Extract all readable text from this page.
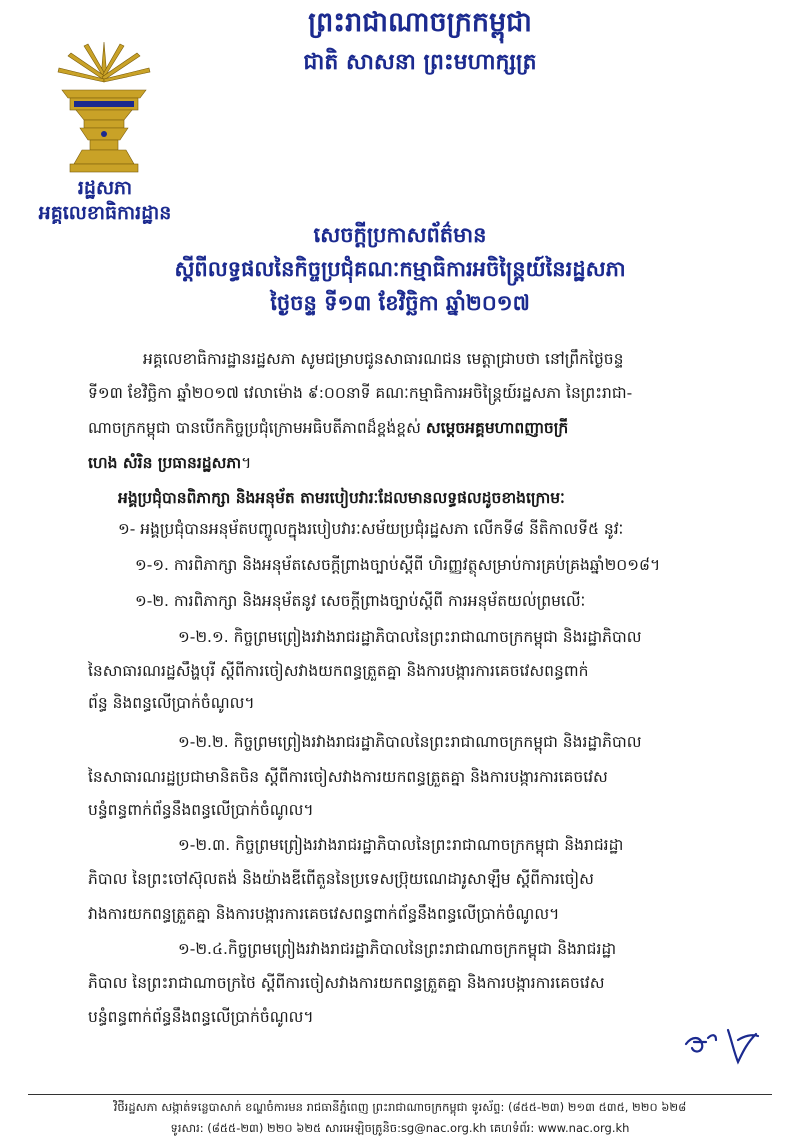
ព្រះរាជាណាចក្រកម្ពុជា
ជាតិ សាសនា ព្រះមហាក្សត្រ
រដ្ឋសភា
អគ្គលេខាធិការដ្ឋាន
សេចក្តីប្រកាសព័ត៌មាន
ស្តីពីលទ្ធផលនៃកិច្ចប្រជុំគណៈកម្មាធិការអចិន្ត្រៃយ៍នៃរដ្ឋសភា
ថ្ងៃចន្ទ ទី១៣ ខែវិច្ឆិកា ឆ្នាំ២០១៧
អគ្គលេខាធិការដ្ឋានរដ្ឋសភា សូមជម្រាបជូនសាធារណជន មេត្តាជ្រាបថា នៅព្រឹកថ្ងៃចន្ទ
ទី១៣ ខែវិច្ឆិកា ឆ្នាំ២០១៧ វេលាម៉ោង ៩:០០នាទី គណៈកម្មាធិការអចិន្ត្រៃយ៍រដ្ឋសភា នៃព្រះរាជា-
ណាចក្រកម្ពុជា បានបើកកិច្ចប្រជុំក្រោមអធិបតីភាពដ៏ខ្ពង់ខ្ពស់ សម្តេចអគ្គមហាពញាចក្រី
ហេង សំរិន ប្រធានរដ្ឋសភា។
អង្គប្រជុំបានពិភាក្សា និងអនុម័ត តាមរបៀបវារៈដែលមានលទ្ធផលដូចខាងក្រោមៈ
១- អង្គប្រជុំបានអនុម័តបញ្ចូលក្នុងរបៀបវារៈសម័យប្រជុំរដ្ឋសភា លើកទី៨ នីតិកាលទី៥ នូវៈ
១-១. ការពិភាក្សា និងអនុម័តសេចក្តីព្រាងច្បាប់ស្តីពី ហិរញ្ញវត្ថុសម្រាប់ការគ្រប់គ្រងឆ្នាំ២០១៨។
១-២. ការពិភាក្សា និងអនុម័តនូវ សេចក្តីព្រាងច្បាប់ស្តីពី ការអនុម័តយល់ព្រមលើៈ
១-២.១. កិច្ចព្រមព្រៀងរវាងរាជរដ្ឋាភិបាលនៃព្រះរាជាណាចក្រកម្ពុជា និងរដ្ឋាភិបាល
នៃសាធារណរដ្ឋសឹង្ហបុរី ស្តីពីការចៀសវាងយកពន្ធត្រួតគ្នា និងការបង្ការការគេចវេសពន្ធពាក់
ព័ន្ធ និងពន្ធលើប្រាក់ចំណូល។
១-២.២. កិច្ចព្រមព្រៀងរវាងរាជរដ្ឋាភិបាលនៃព្រះរាជាណាចក្រកម្ពុជា និងរដ្ឋាភិបាល
នៃសាធារណរដ្ឋប្រជាមានិតចិន ស្តីពីការចៀសវាងការយកពន្ធត្រួតគ្នា និងការបង្ការការគេចវេស
បន្ធំពន្ធពាក់ព័ន្ធនឹងពន្ធលើប្រាក់ចំណូល។
១-២.៣. កិច្ចព្រមព្រៀងរវាងរាជរដ្ឋាភិបាលនៃព្រះរាជាណាចក្រកម្ពុជា និងរាជរដ្ឋា
ភិបាល នៃព្រះចៅស៊ុលតង់ និងយ៉ាងឌីពើតួននៃប្រទេសប្រ៊ុយណេដារូសាឡឹម ស្តីពីការចៀស
វាងការយកពន្ធត្រួតគ្នា និងការបង្ការការគេចវេសពន្ធពាក់ព័ន្ធនឹងពន្ធលើប្រាក់ចំណូល។
១-២.៤.កិច្ចព្រមព្រៀងរវាងរាជរដ្ឋាភិបាលនៃព្រះរាជាណាចក្រកម្ពុជា និងរាជរដ្ឋា
ភិបាល នៃព្រះរាជាណាចក្រថៃ ស្តីពីការចៀសវាងការយកពន្ធត្រួតគ្នា និងការបង្ការការគេចវេស
បន្ធំពន្ធពាក់ព័ន្ធនឹងពន្ធលើប្រាក់ចំណូល។
វិថីរដ្ឋសភា សង្កាត់ទន្លេបាសាក់ ខណ្ឌចំការមន រាជធានីភ្នំពេញ ព្រះរាជាណាចក្រកម្ពុជា ទូរស័ព្ទ: (៨៥៥-២៣) ២១៣ ៥៣៥, ២២០ ៦២៨
ទូរសារ: (៨៥៥-២៣) ២២០ ៦២៥ សារអេឡិចត្រូនិច:sg@nac.org.kh គេហទំព័រ: www.nac.org.kh
